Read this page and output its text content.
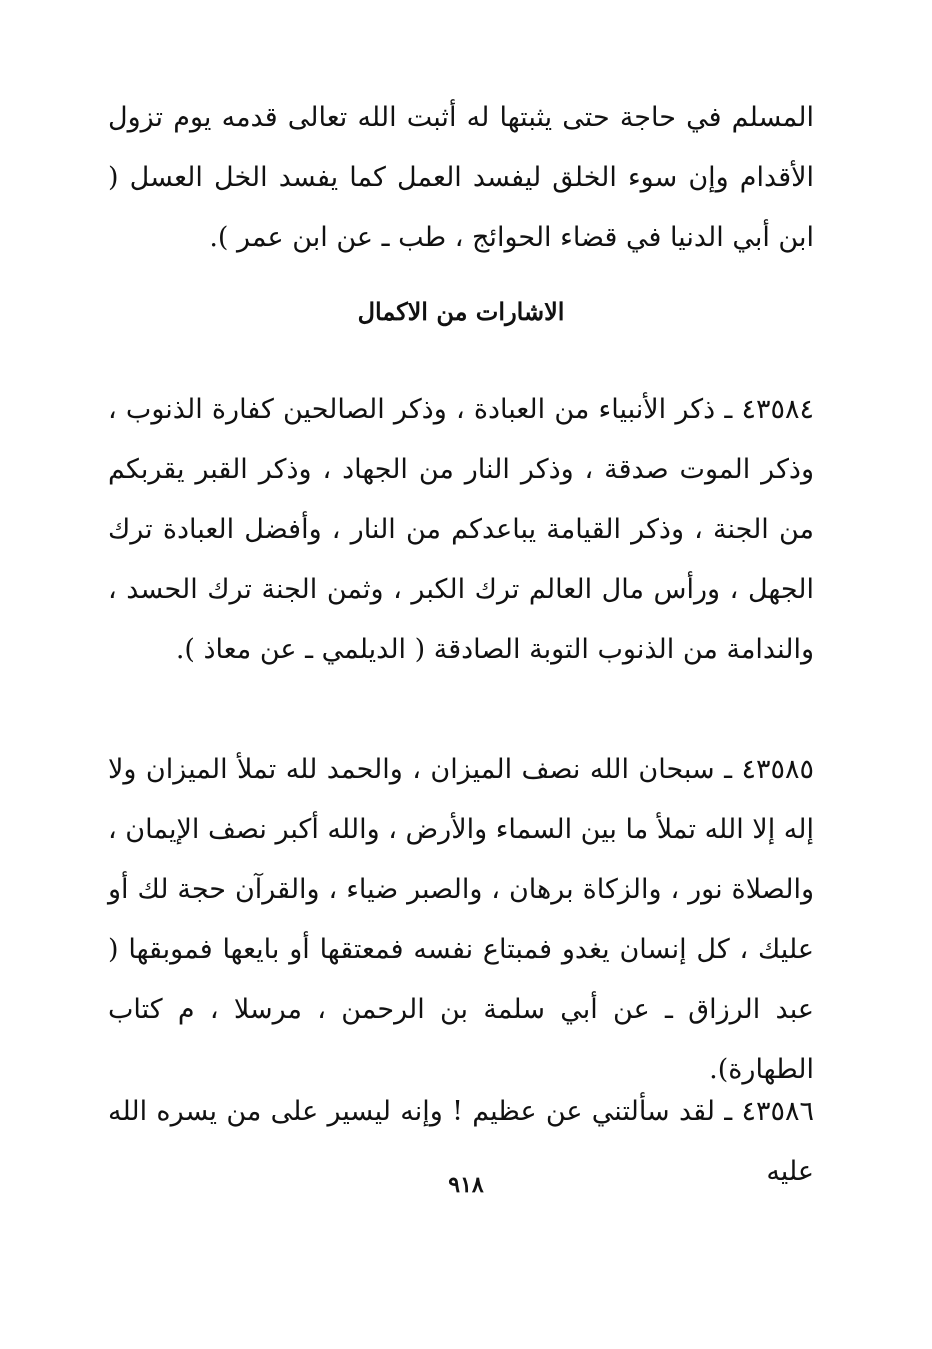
المسلم في حاجة حتى يثبتها له أثبت الله تعالى قدمه يوم تزول الأقدام وإن سوء الخلق ليفسد العمل كما يفسد الخل العسل ( ابن أبي الدنيا في قضاء الحوائج ، طب ـ عن ابن عمر ).

الاشارات من الاكمال

٤٣٥٨٤ ـ ذكر الأنبياء من العبادة ، وذكر الصالحين كفارة الذنوب ، وذكر الموت صدقة ، وذكر النار من الجهاد ، وذكر القبر يقربكم من الجنة ، وذكر القيامة يباعدكم من النار ، وأفضل العبادة ترك الجهل ، ورأس مال العالم ترك الكبر ، وثمن الجنة ترك الحسد ، والندامة من الذنوب التوبة الصادقة ( الديلمي ـ عن معاذ ).

٤٣٥٨٥ ـ سبحان الله نصف الميزان ، والحمد لله تملأ الميزان ولا إله إلا الله تملأ ما بين السماء والأرض ، والله أكبر نصف الإيمان ، والصلاة نور ، والزكاة برهان ، والصبر ضياء ، والقرآن حجة لك أو عليك ، كل إنسان يغدو فمبتاع نفسه فمعتقها أو بايعها فموبقها ( عبد الرزاق ـ عن أبي سلمة بن الرحمن ، مرسلا ، م كتاب الطهارة).

٤٣٥٨٦ ـ لقد سألتني عن عظيم ! وإنه ليسير على من يسره الله عليه

٩١٨
